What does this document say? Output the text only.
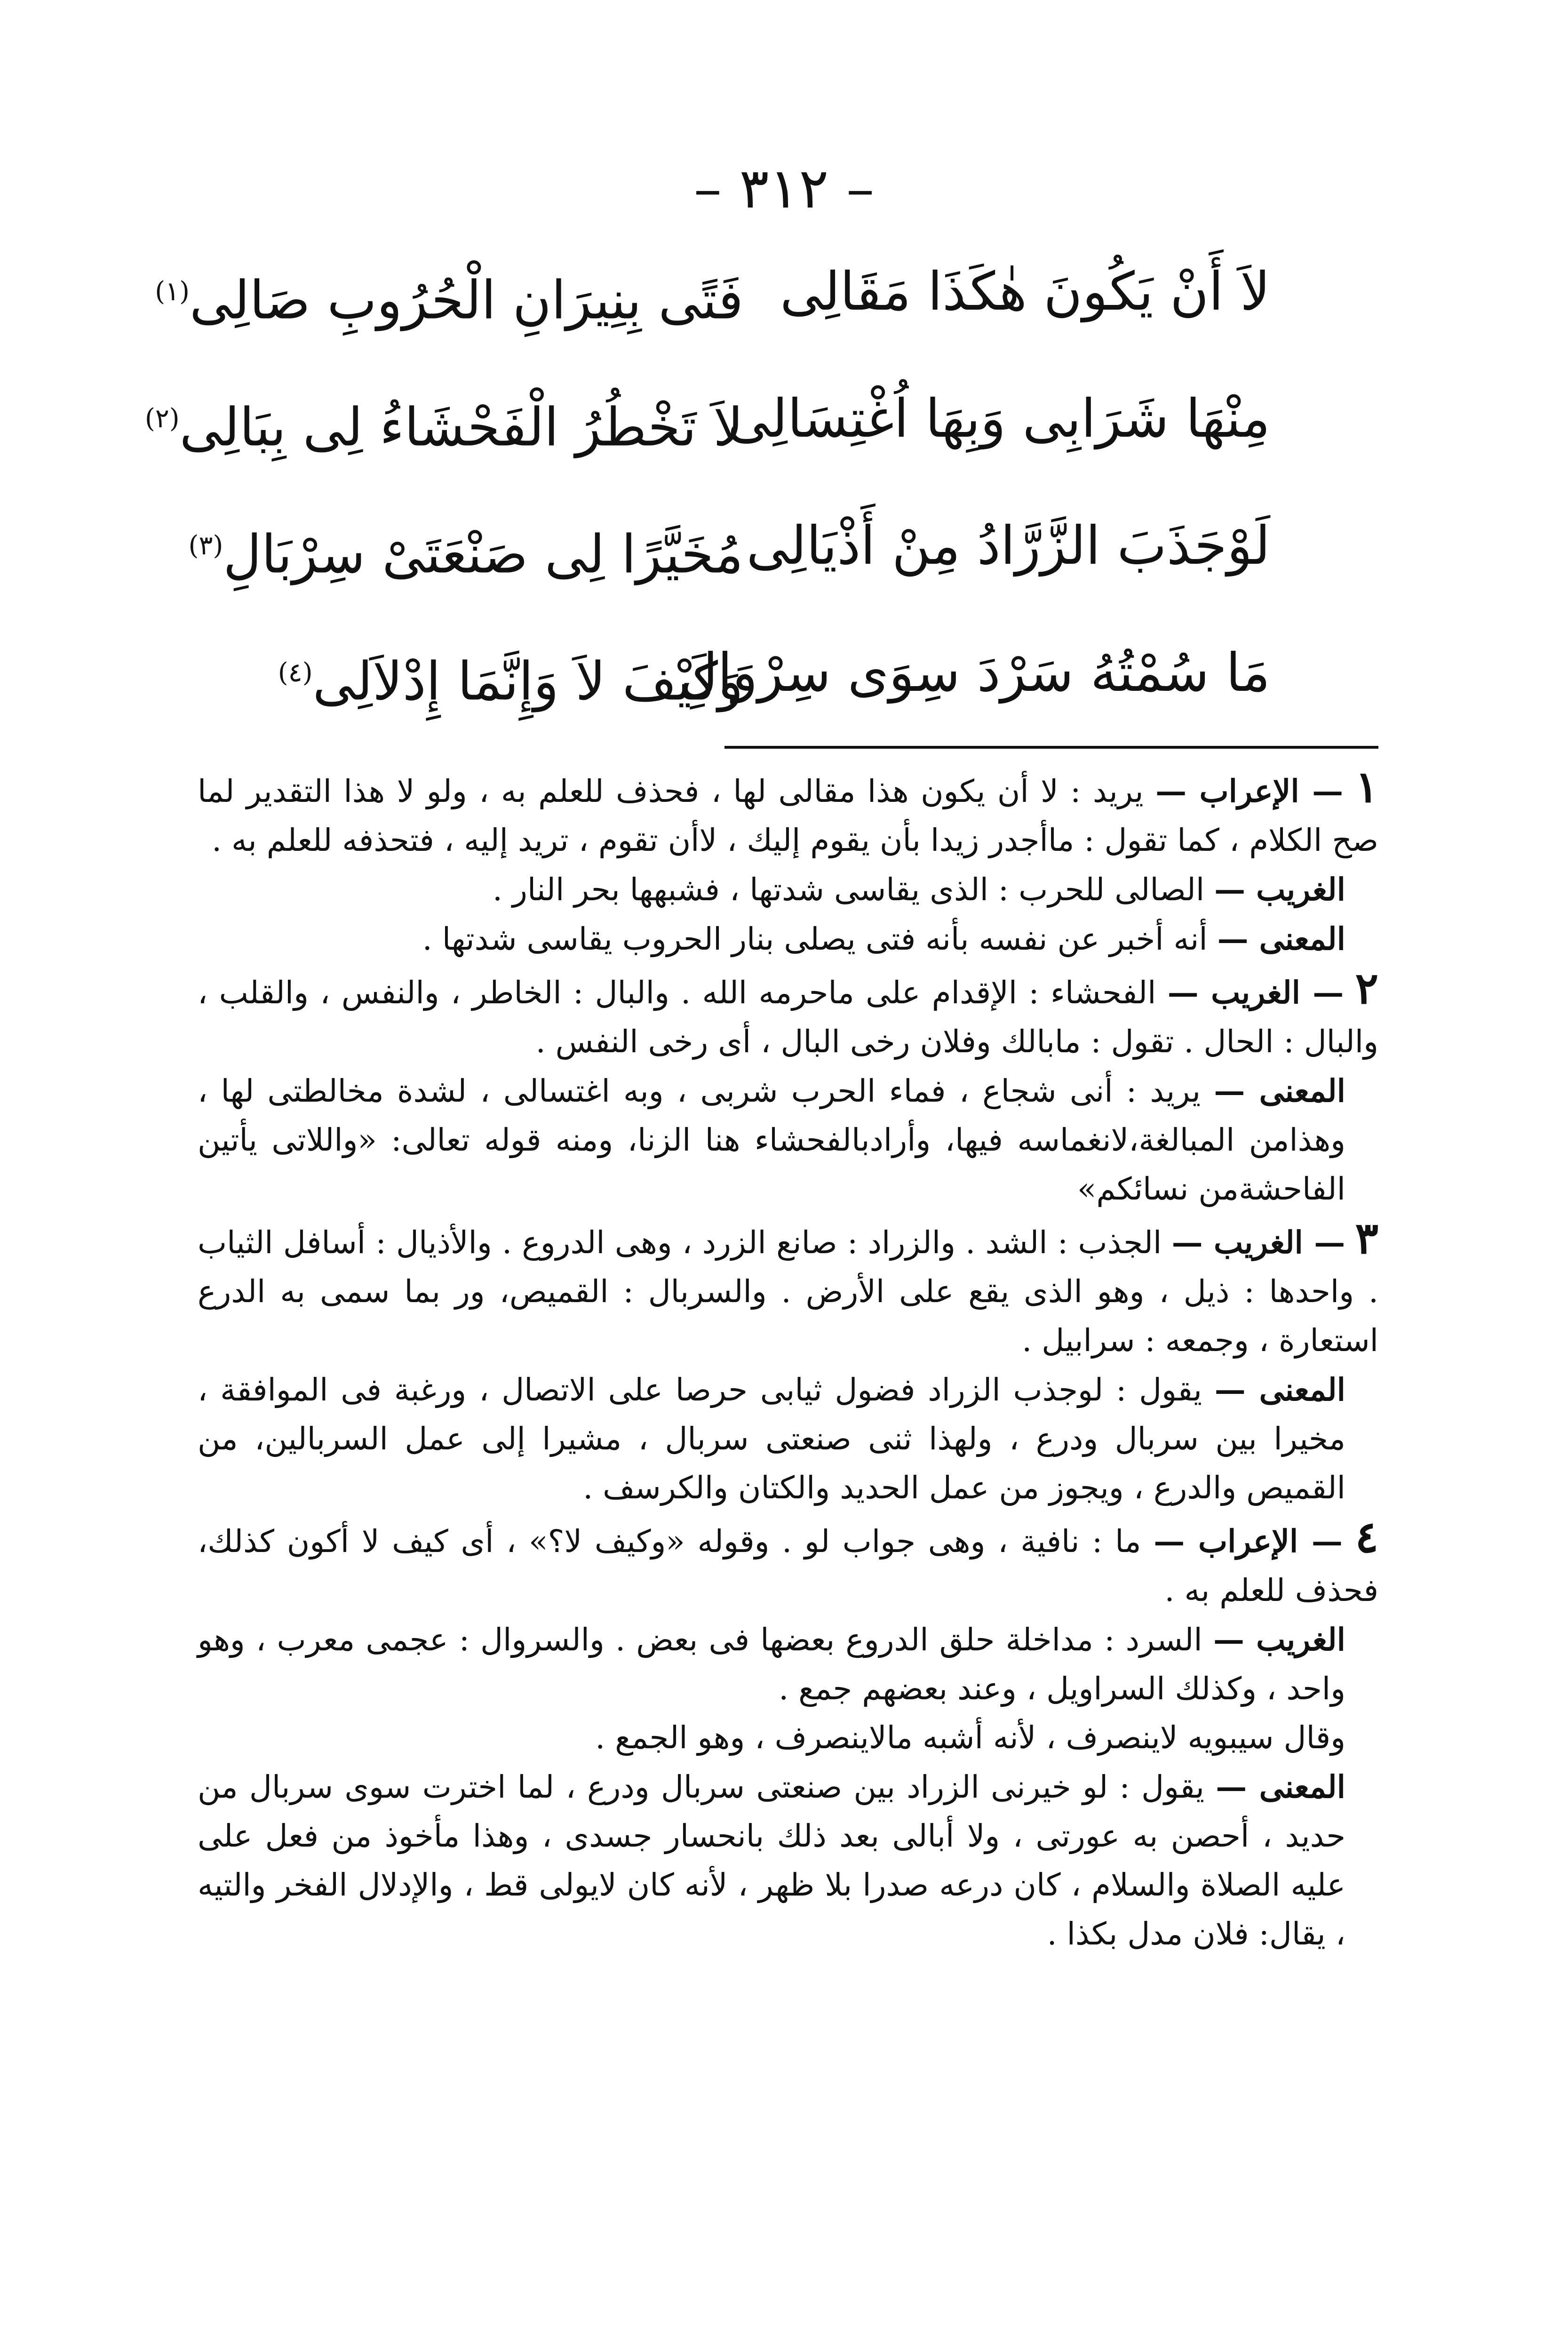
– ٣١٢ –
لاَ أَنْ يَكُونَ هٰكَذَا مَقَالِى
فَتًى بِنِيرَانِ الْحُرُوبِ صَالِى$^{(١)}$
مِنْهَا شَرَابِى وَبِهَا اُغْتِسَالِى
لاَ تَخْطُرُ الْفَحْشَاءُ لِى بِبَالِى$^{(٢)}$
لَوْجَذَبَ الزَّرَّادُ مِنْ أَذْيَالِى
مُخَيَّرًا لِى صَنْعَتَىْ سِرْبَالِ$^{(٣)}$
مَا سُمْتُهُ سَرْدَ سِوَى سِرْوَالِ
وَكَيْفَ لاَ وَإِنَّمَا إِدْلاَلِى$^{(٤)}$

١ — الإعراب — يريد : لا أن يكون هذا مقالى لها ، فحذف للعلم به ، ولو لا هذا التقدير لما صح الكلام ، كما تقول : ماأجدر زيدا بأن يقوم إليك ، لاأن تقوم ، تريد إليه ، فتحذفه للعلم به .

الغريب — الصالى للحرب : الذى يقاسى شدتها ، فشبهها بحر النار .

المعنى — أنه أخبر عن نفسه بأنه فتى يصلى بنار الحروب يقاسى شدتها .

٢ — الغريب — الفحشاء : الإقدام على ماحرمه الله . والبال : الخاطر ، والنفس ، والقلب ، والبال : الحال . تقول : مابالك وفلان رخى البال ، أى رخى النفس .

المعنى — يريد : أنى شجاع ، فماء الحرب شربى ، وبه اغتسالى ، لشدة مخالطتى لها ، وهذامن المبالغة،لانغماسه فيها، وأرادبالفحشاء هنا الزنا، ومنه قوله تعالى: «واللاتى يأتين الفاحشةمن نسائكم»

٣ — الغريب — الجذب : الشد . والزراد : صانع الزرد ، وهى الدروع . والأذيال : أسافل الثياب . واحدها : ذيل ، وهو الذى يقع على الأرض . والسربال : القميص، ور بما سمى به الدرع استعارة ، وجمعه : سرابيل .

المعنى — يقول : لوجذب الزراد فضول ثيابى حرصا على الاتصال ، ورغبة فى الموافقة ، مخيرا بين سربال ودرع ، ولهذا ثنى صنعتى سربال ، مشيرا إلى عمل السربالين، من القميص والدرع ، ويجوز من عمل الحديد والكتان والكرسف .

٤ — الإعراب — ما : نافية ، وهى جواب لو . وقوله «وكيف لا؟» ، أى كيف لا أكون كذلك، فحذف للعلم به .

الغريب — السرد : مداخلة حلق الدروع بعضها فى بعض . والسروال : عجمى معرب ، وهو واحد ، وكذلك السراويل ، وعند بعضهم جمع .

وقال سيبويه لاينصرف ، لأنه أشبه مالاينصرف ، وهو الجمع .

المعنى — يقول : لو خيرنى الزراد بين صنعتى سربال ودرع ، لما اخترت سوى سربال من حديد ، أحصن به عورتى ، ولا أبالى بعد ذلك بانحسار جسدى ، وهذا مأخوذ من فعل على عليه الصلاة والسلام ، كان درعه صدرا بلا ظهر ، لأنه كان لايولى قط ، والإدلال الفخر والتيه ، يقال: فلان مدل بكذا .
